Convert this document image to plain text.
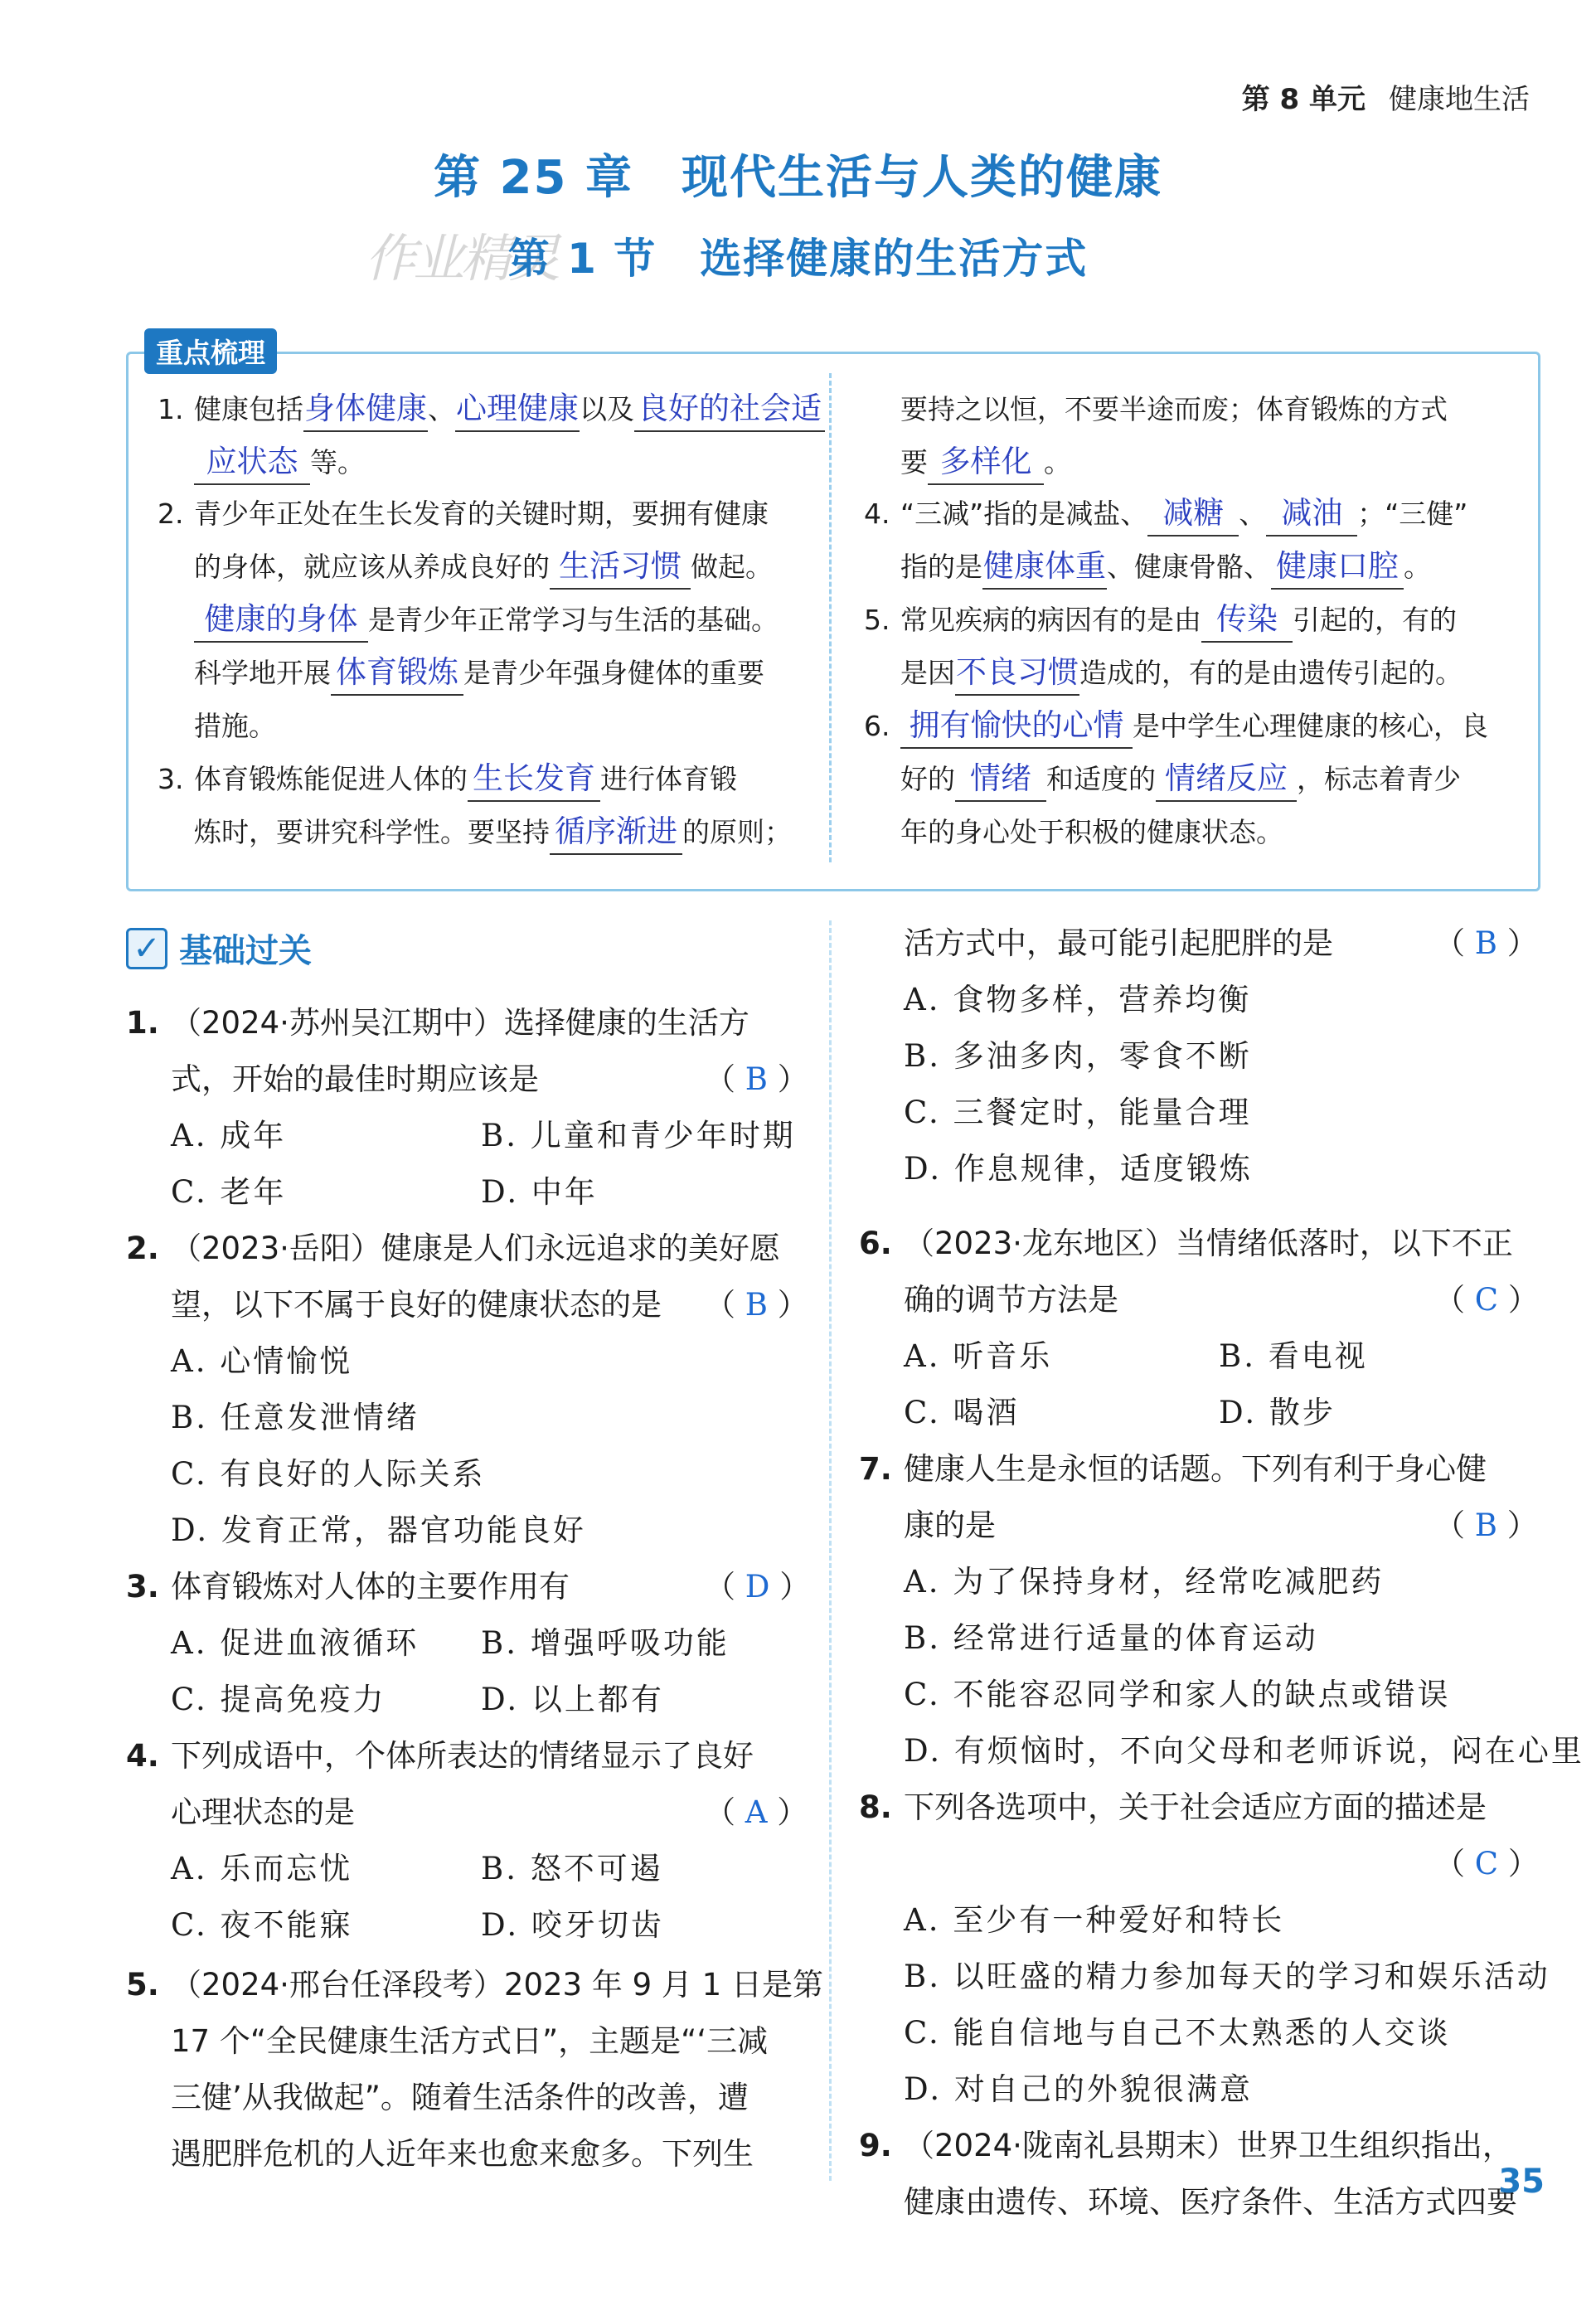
第 8 单元 健康地生活
第 25 章　现代生活与人类的健康
作业精灵
第 1 节　选择健康的生活方式
重点梳理
1. 健康包括身体健康、心理健康以及 良好的社会适
应状态 等。
2. 青少年正处在生长发育的关键时期，要拥有健康
的身体，就应该从养成良好的 生活习惯 做起。
健康的身体 是青少年正常学习与生活的基础。
科学地开展 体育锻炼 是青少年强身健体的重要
措施。
3. 体育锻炼能促进人体的 生长发育 进行体育锻
炼时，要讲究科学性。要坚持 循序渐进 的原则；
要持之以恒，不要半途而废；体育锻炼的方式
要 多样化 。
4. “三减”指的是减盐、 减糖 、 减油 ；“三健”
指的是健康体重、健康骨骼、 健康口腔 。
5. 常见疾病的病因有的是由 传染 引起的，有的
是因不良习惯造成的，有的是由遗传引起的。
6. 拥有愉快的心情 是中学生心理健康的核心，良
好的 情绪 和适度的 情绪反应 ，标志着青少
年的身心处于积极的健康状态。
✓ 基础过关
1. （2024·苏州吴江期中）选择健康的生活方
式，开始的最佳时期应该是	（ B ）
A. 成年	B. 儿童和青少年时期
C. 老年	D. 中年
2. （2023·岳阳）健康是人们永远追求的美好愿
望，以下不属于良好的健康状态的是 （ B ）
A. 心情愉悦
B. 任意发泄情绪
C. 有良好的人际关系
D. 发育正常，器官功能良好
3. 体育锻炼对人体的主要作用有	（ D ）
A. 促进血液循环 B. 增强呼吸功能
C. 提高免疫力	D. 以上都有
4. 下列成语中，个体所表达的情绪显示了良好
心理状态的是	（ A ）
A. 乐而忘忧	B. 怒不可遏
C. 夜不能寐	D. 咬牙切齿
5. （2024·邢台任泽段考）2023 年 9 月 1 日是第
17 个“全民健康生活方式日”，主题是“‘三减
三健’从我做起”。随着生活条件的改善，遭
遇肥胖危机的人近年来也愈来愈多。下列生
活方式中，最可能引起肥胖的是	（ B ）
A. 食物多样，营养均衡
B. 多油多肉，零食不断
C. 三餐定时，能量合理
D. 作息规律，适度锻炼
6. （2023·龙东地区）当情绪低落时，以下不正
确的调节方法是	（ C ）
A. 听音乐	B. 看电视
C. 喝酒	D. 散步
7. 健康人生是永恒的话题。下列有利于身心健
康的是	（ B ）
A. 为了保持身材，经常吃减肥药
B. 经常进行适量的体育运动
C. 不能容忍同学和家人的缺点或错误
D. 有烦恼时，不向父母和老师诉说，闷在心里
8. 下列各选项中，关于社会适应方面的描述是
（ C ）
A. 至少有一种爱好和特长
B. 以旺盛的精力参加每天的学习和娱乐活动
C. 能自信地与自己不太熟悉的人交谈
D. 对自己的外貌很满意
9. （2024·陇南礼县期末）世界卫生组织指出，
健康由遗传、环境、医疗条件、生活方式四要
35
